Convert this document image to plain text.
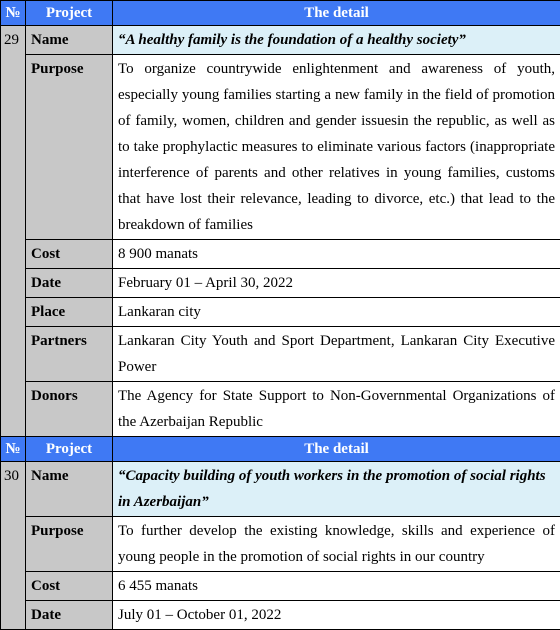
№	Project	The detail
29	Name	“A healthy family is the foundation of a healthy society”
	Purpose	To organize countrywide enlightenment and awareness of youth, especially young families starting a new family in the field of promotion of family, women, children and gender issuesin the republic, as well as to take prophylactic measures to eliminate various factors (inappropriate interference of parents and other relatives in young families, customs that have lost their relevance, leading to divorce, etc.) that lead to the breakdown of families
	Cost	8 900 manats
	Date	February 01 – April 30, 2022
	Place	Lankaran city
	Partners	Lankaran City Youth and Sport Department, Lankaran City Executive Power
	Donors	The Agency for State Support to Non-Governmental Organizations of the Azerbaijan Republic
№	Project	The detail
30	Name	“Capacity building of youth workers in the promotion of social rights in Azerbaijan”
	Purpose	To further develop the existing knowledge, skills and experience of young people in the promotion of social rights in our country
	Cost	6 455 manats
	Date	July 01 – October 01, 2022
